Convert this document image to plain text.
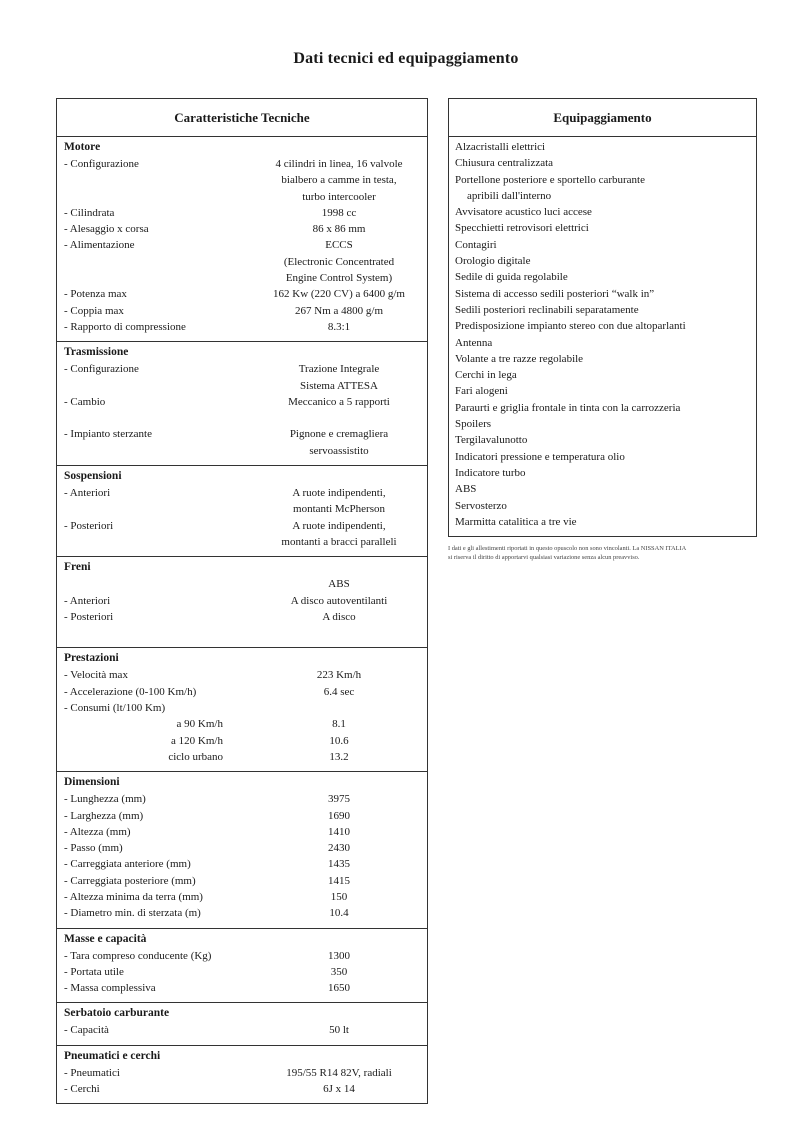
Dati tecnici ed equipaggiamento
Caratteristiche Tecniche
Motore
- Configurazione	4 cilindri in linea, 16 valvole

bialbero a camme in testa,

turbo intercooler
- Cilindrata	1998 cc
- Alesaggio x corsa	86 x 86 mm
- Alimentazione	ECCS

(Electronic Concentrated

Engine Control System)
- Potenza max	162 Kw (220 CV) a 6400 g/m
- Coppia max	267 Nm a 4800 g/m
- Rapporto di compressione	8.3:1
Trasmissione
- Configurazione	Trazione Integrale

Sistema ATTESA
- Cambio	Meccanico a 5 rapporti

- Impianto sterzante	Pignone e cremagliera

servoassistito
Sospensioni
- Anteriori	A ruote indipendenti,

montanti McPherson
- Posteriori	A ruote indipendenti,

montanti a bracci paralleli
Freni

ABS
- Anteriori	A disco autoventilanti
- Posteriori	A disco

Prestazioni
- Velocità max	223 Km/h
- Accelerazione (0-100 Km/h)	6.4 sec
- Consumi (lt/100 Km)

a 90 Km/h	8.1
a 120 Km/h	10.6
ciclo urbano	13.2
Dimensioni
- Lunghezza (mm)	3975
- Larghezza (mm)	1690
- Altezza (mm)	1410
- Passo (mm)	2430
- Carreggiata anteriore (mm)	1435
- Carreggiata posteriore (mm)	1415
- Altezza minima da terra (mm)	150
- Diametro min. di sterzata (m)	10.4
Masse e capacità
- Tara compreso conducente (Kg)	1300
- Portata utile	350
- Massa complessiva	1650
Serbatoio carburante
- Capacità	50 lt
Pneumatici e cerchi
- Pneumatici	195/55 R14 82V, radiali
- Cerchi	6J x 14
Equipaggiamento
Alzacristalli elettrici
Chiusura centralizzata
Portellone posteriore e sportello carburante
apribili dall'interno
Avvisatore acustico luci accese
Specchietti retrovisori elettrici
Contagiri
Orologio digitale
Sedile di guida regolabile
Sistema di accesso sedili posteriori “walk in”
Sedili posteriori reclinabili separatamente
Predisposizione impianto stereo con due altoparlanti
Antenna
Volante a tre razze regolabile
Cerchi in lega
Fari alogeni
Paraurti e griglia frontale in tinta con la carrozzeria
Spoilers
Tergilavalunotto
Indicatori pressione e temperatura olio
Indicatore turbo
ABS
Servosterzo
Marmitta catalitica a tre vie
I dati e gli allestimenti riportati in questo opuscolo non sono vincolanti. La NISSAN ITALIA
si riserva il diritto di apportarvi qualsiasi variazione senza alcun preavviso.
